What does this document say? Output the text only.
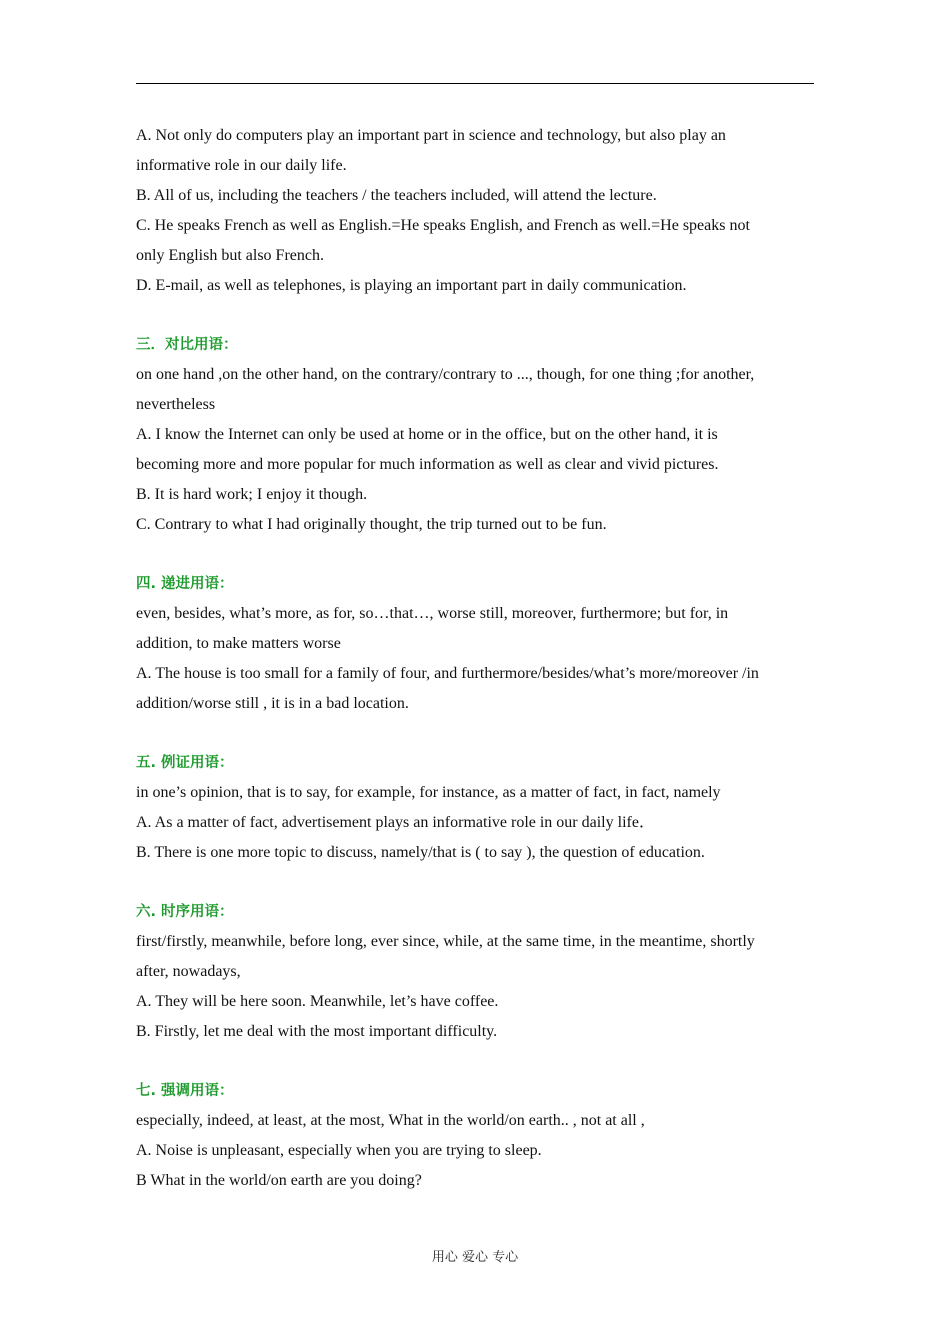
A. Not only do computers play an important part in science and technology, but also play an

informative role in our daily life.

B. All of us, including the teachers / the teachers included, will attend the lecture.

C. He speaks French as well as English.=He speaks English, and French as well.=He speaks not

only English but also French.

D. E-mail, as well as telephones, is playing an important part in daily communication.

三．对比用语：

on one hand ,on the other hand, on the contrary/contrary to ..., though, for one thing ;for another,

nevertheless

A. I know the Internet can only be used at home or in the office, but on the other hand, it is

becoming more and more popular for much information as well as clear and vivid pictures.

B. It is hard work; I enjoy it though.

C. Contrary to what I had originally thought, the trip turned out to be fun.

四. 递进用语：

even, besides, what’s more, as for, so…that…, worse still, moreover, furthermore; but for, in

addition, to make matters worse

A. The house is too small for a family of four, and furthermore/besides/what’s more/moreover /in

addition/worse still , it is in a bad location.

五. 例证用语：

in one’s opinion, that is to say, for example, for instance, as a matter of fact, in fact, namely

A. As a matter of fact, advertisement plays an informative role in our daily life．

B. There is one more topic to discuss, namely/that is ( to say ), the question of education.

六. 时序用语：

first/firstly, meanwhile, before long, ever since, while, at the same time, in the meantime, shortly

after, nowadays,

A. They will be here soon. Meanwhile, let’s have coffee.

B. Firstly, let me deal with the most important difficulty.

七. 强调用语：

especially, indeed, at least, at the most, What in the world/on earth.. , not at all ,

A. Noise is unpleasant, especially when you are trying to sleep.

B What in the world/on earth are you doing?

用心 爱心 专心
